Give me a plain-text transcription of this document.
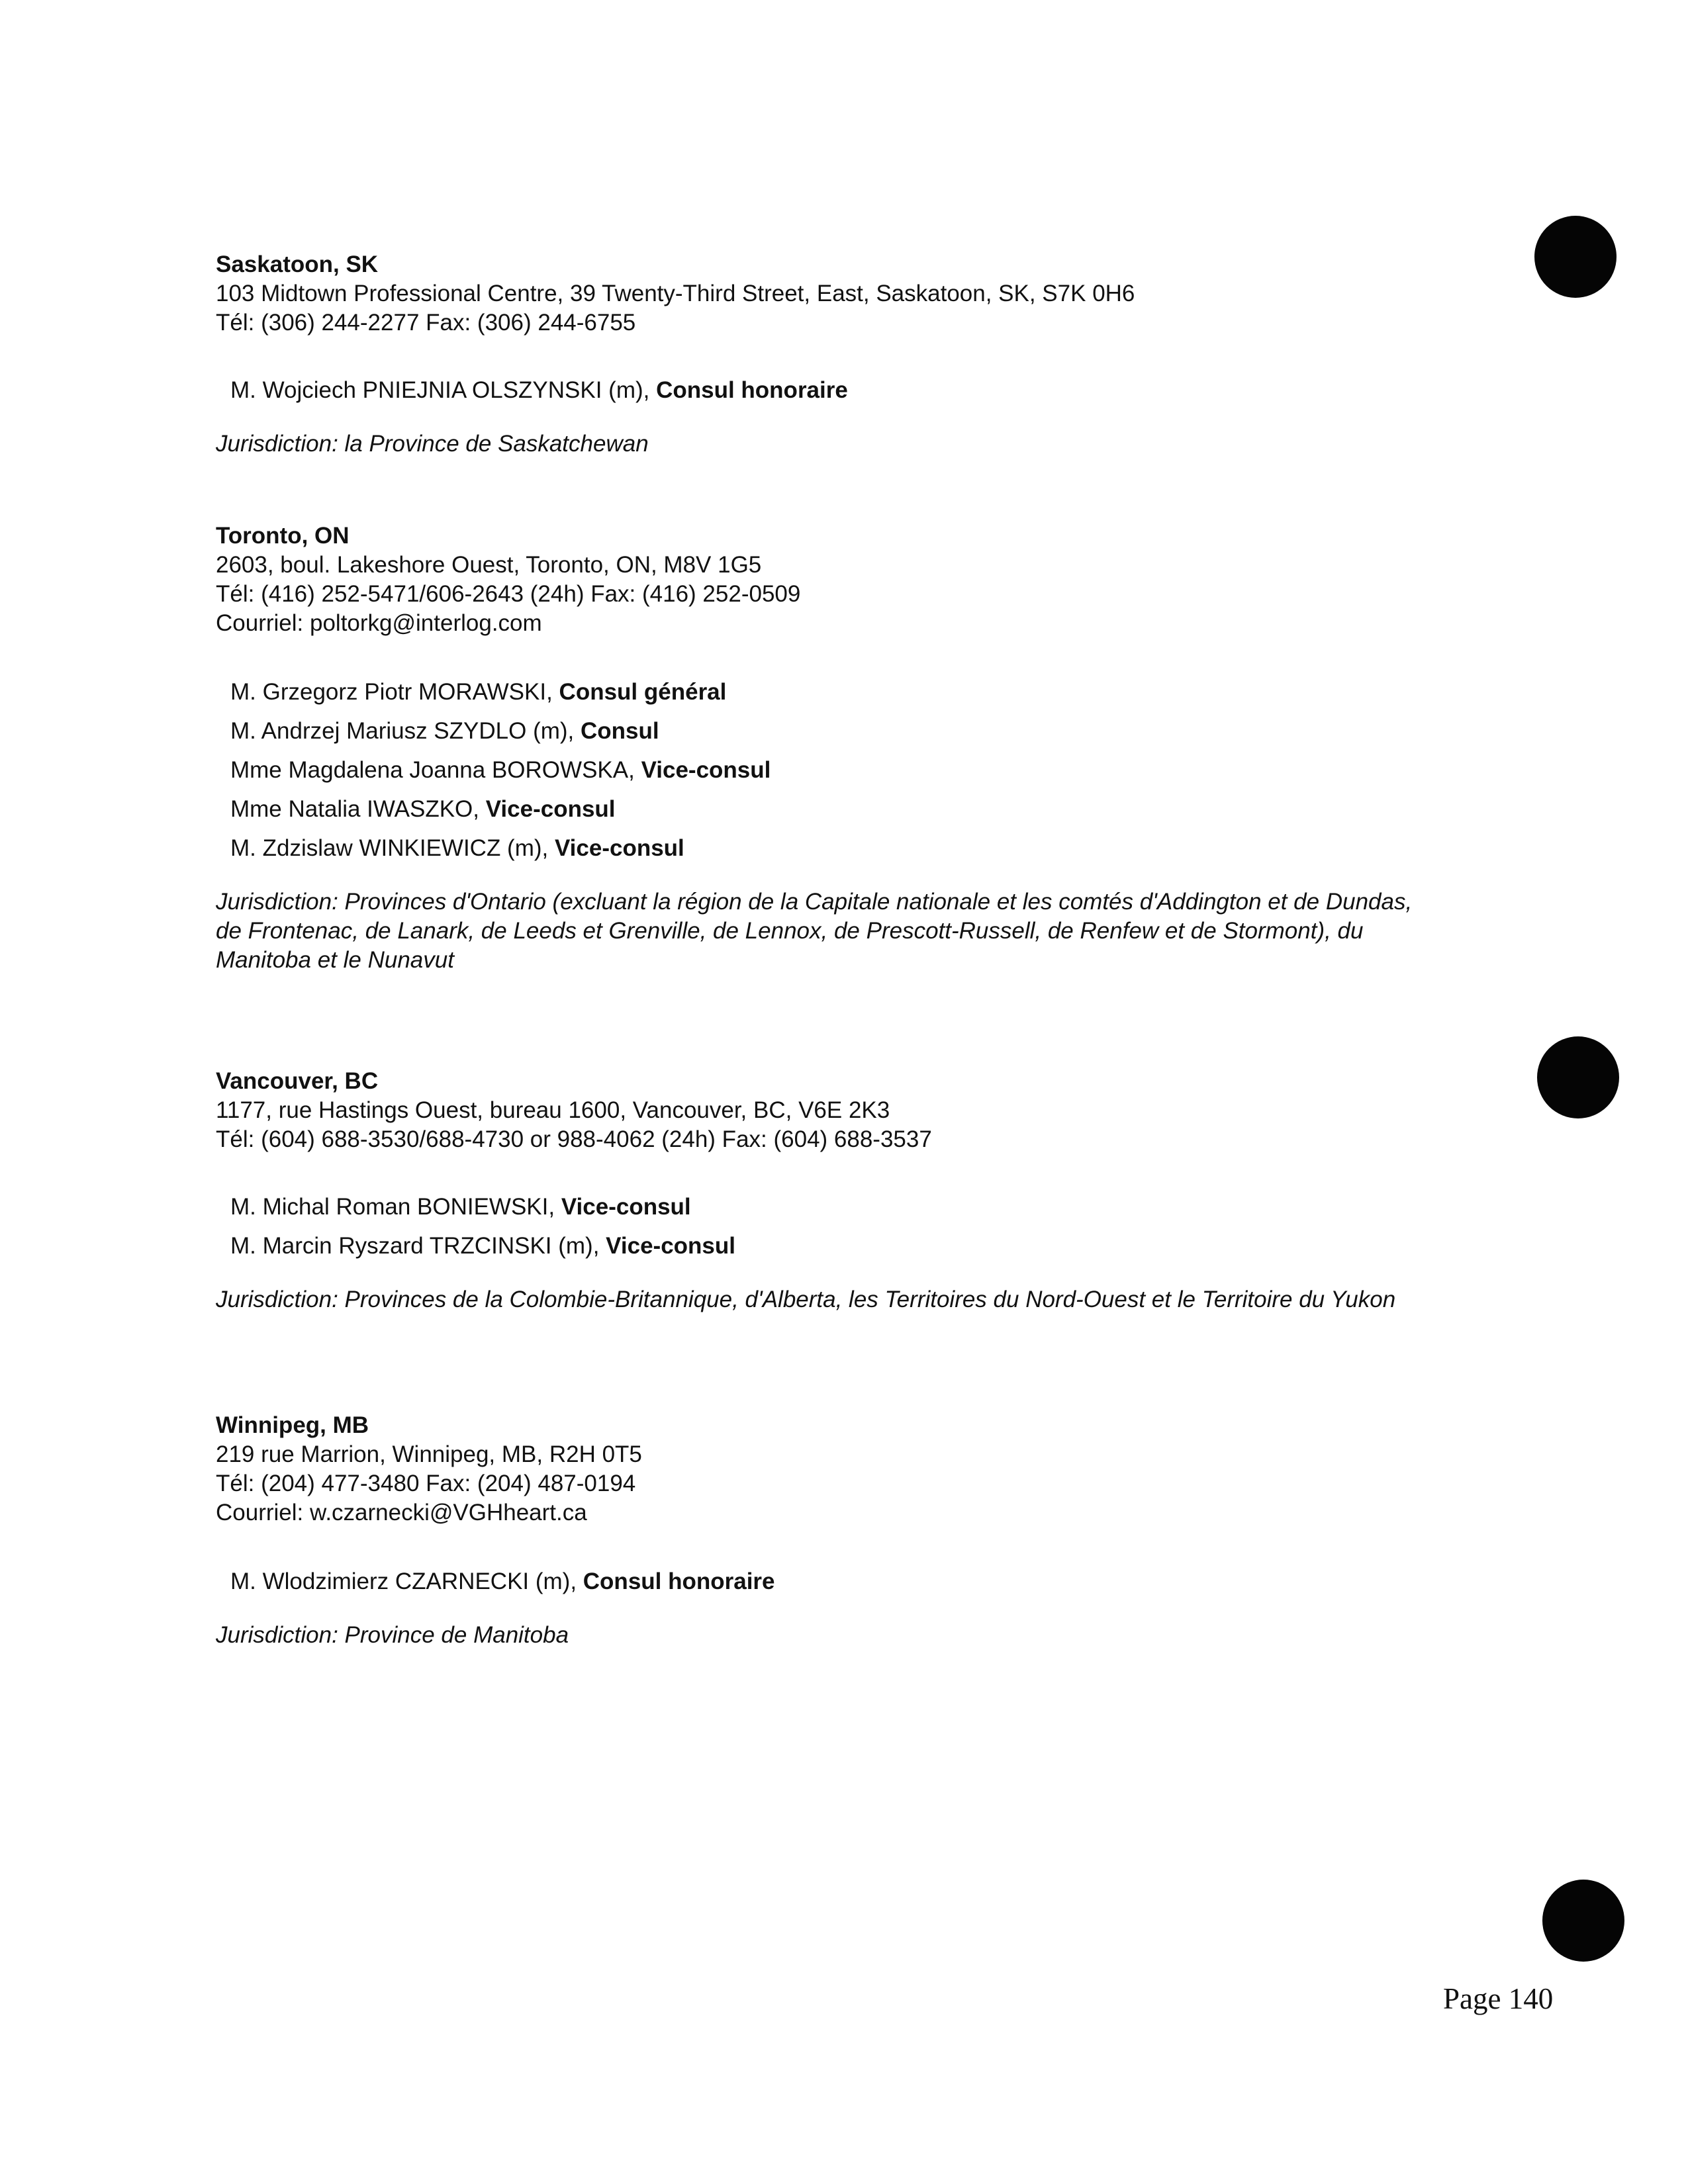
Saskatoon, SK
103 Midtown Professional Centre, 39 Twenty-Third Street, East, Saskatoon, SK, S7K 0H6
Tél: (306) 244-2277 Fax: (306) 244-6755
M. Wojciech PNIEJNIA OLSZYNSKI (m), Consul honoraire
Jurisdiction: la Province de Saskatchewan
Toronto, ON
2603, boul. Lakeshore Ouest, Toronto, ON, M8V 1G5
Tél: (416) 252-5471/606-2643 (24h) Fax: (416) 252-0509
Courriel: poltorkg@interlog.com
M. Grzegorz Piotr MORAWSKI, Consul général
M. Andrzej Mariusz SZYDLO (m), Consul
Mme Magdalena Joanna BOROWSKA, Vice-consul
Mme Natalia IWASZKO, Vice-consul
M. Zdzislaw WINKIEWICZ (m), Vice-consul
Jurisdiction: Provinces d'Ontario (excluant la région de la Capitale nationale et les comtés d'Addington et de Dundas, de Frontenac, de Lanark, de Leeds et Grenville, de Lennox, de Prescott-Russell, de Renfew et de Stormont), du Manitoba et le Nunavut
Vancouver, BC
1177, rue Hastings Ouest, bureau 1600, Vancouver, BC, V6E 2K3
Tél: (604) 688-3530/688-4730 or 988-4062 (24h) Fax: (604) 688-3537
M. Michal Roman BONIEWSKI, Vice-consul
M. Marcin Ryszard TRZCINSKI (m), Vice-consul
Jurisdiction: Provinces de la Colombie-Britannique, d'Alberta, les Territoires du Nord-Ouest et le Territoire du Yukon
Winnipeg, MB
219 rue Marrion, Winnipeg, MB, R2H 0T5
Tél: (204) 477-3480 Fax: (204) 487-0194
Courriel: w.czarnecki@VGHheart.ca
M. Wlodzimierz CZARNECKI (m), Consul honoraire
Jurisdiction: Province de Manitoba
Page 140
